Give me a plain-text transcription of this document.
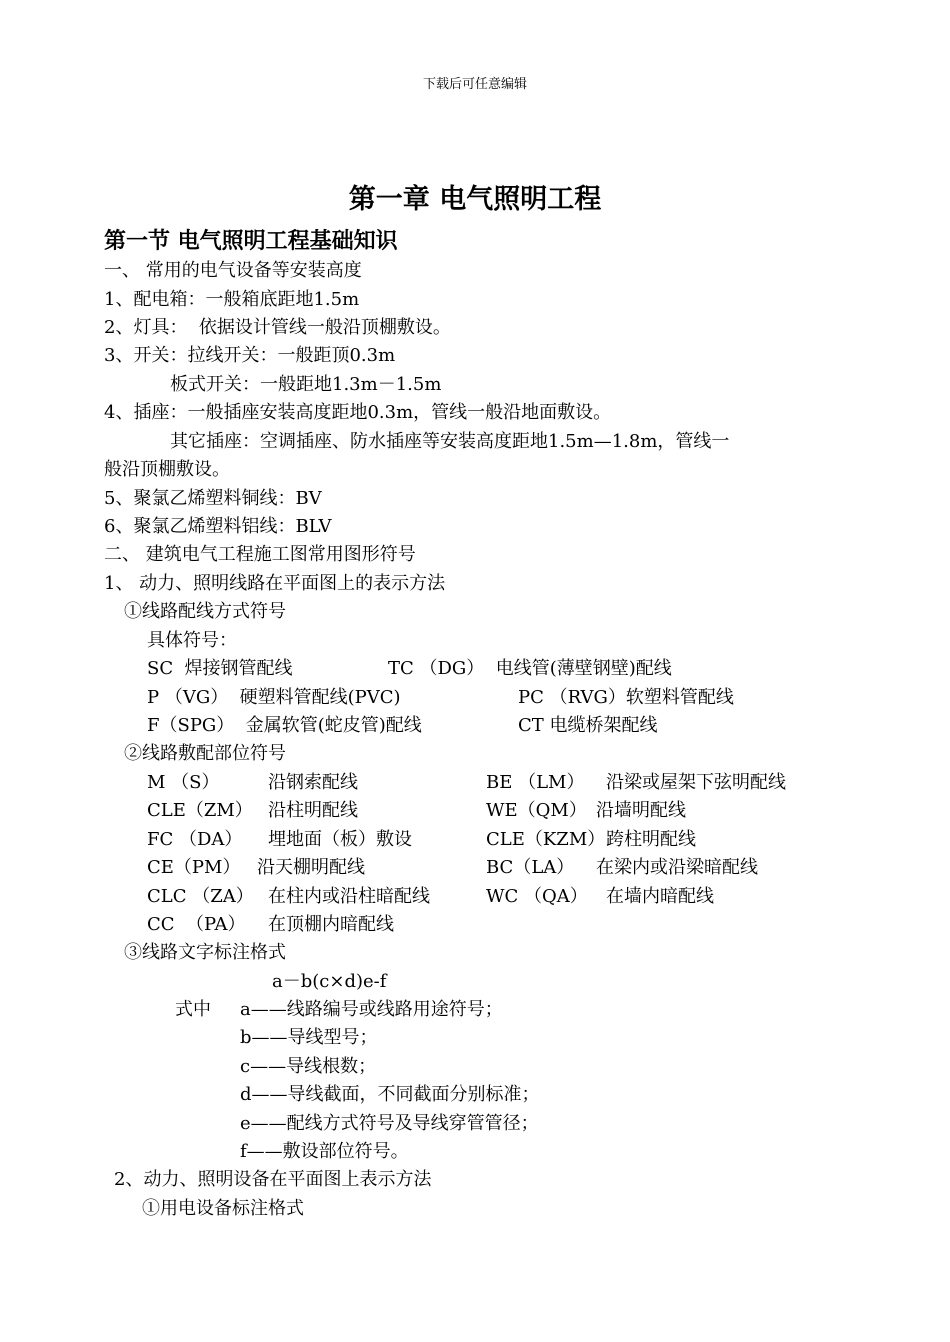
下载后可任意编辑
第一章 电气照明工程
第一节 电气照明工程基础知识
一、 常用的电气设备等安装高度
1、配电箱：一般箱底距地1.5m
2、灯具：  依据设计管线一般沿顶棚敷设。
3、开关：拉线开关：一般距顶0.3m
板式开关：一般距地1.3m－1.5m
4、插座：一般插座安装高度距地0.3m，管线一般沿地面敷设。
其它插座：空调插座、防水插座等安装高度距地1.5m—1.8m，管线一
般沿顶棚敷设。
5、聚氯乙烯塑料铜线：BV
6、聚氯乙烯塑料铝线：BLV
二、 建筑电气工程施工图常用图形符号
1、 动力、照明线路在平面图上的表示方法
①线路配线方式符号
具体符号：
SC  焊接钢管配线	TC （DG）  电线管(薄壁钢壁)配线
P （VG）  硬塑料管配线(PVC)	PC （RVG）软塑料管配线
F（SPG）  金属软管(蛇皮管)配线	CT 电缆桥架配线
②线路敷配部位符号
M （S）	沿钢索配线	BE （LM） 沿梁或屋架下弦明配线
CLE（ZM） 沿柱明配线	WE（QM） 沿墙明配线
FC （DA） 埋地面（板）敷设	CLE（KZM） 跨柱明配线
CE（PM） 沿天棚明配线	BC（LA） 在梁内或沿梁暗配线
CLC （ZA） 在柱内或沿柱暗配线	WC （QA） 在墙内暗配线
CC  （PA） 在顶棚内暗配线
③线路文字标注格式
a－b(c×d)e-f
式中 a——线路编号或线路用途符号；
b——导线型号；
c——导线根数；
d——导线截面，不同截面分别标准；
e——配线方式符号及导线穿管管径；
f——敷设部位符号。
2、动力、照明设备在平面图上表示方法
①用电设备标注格式
